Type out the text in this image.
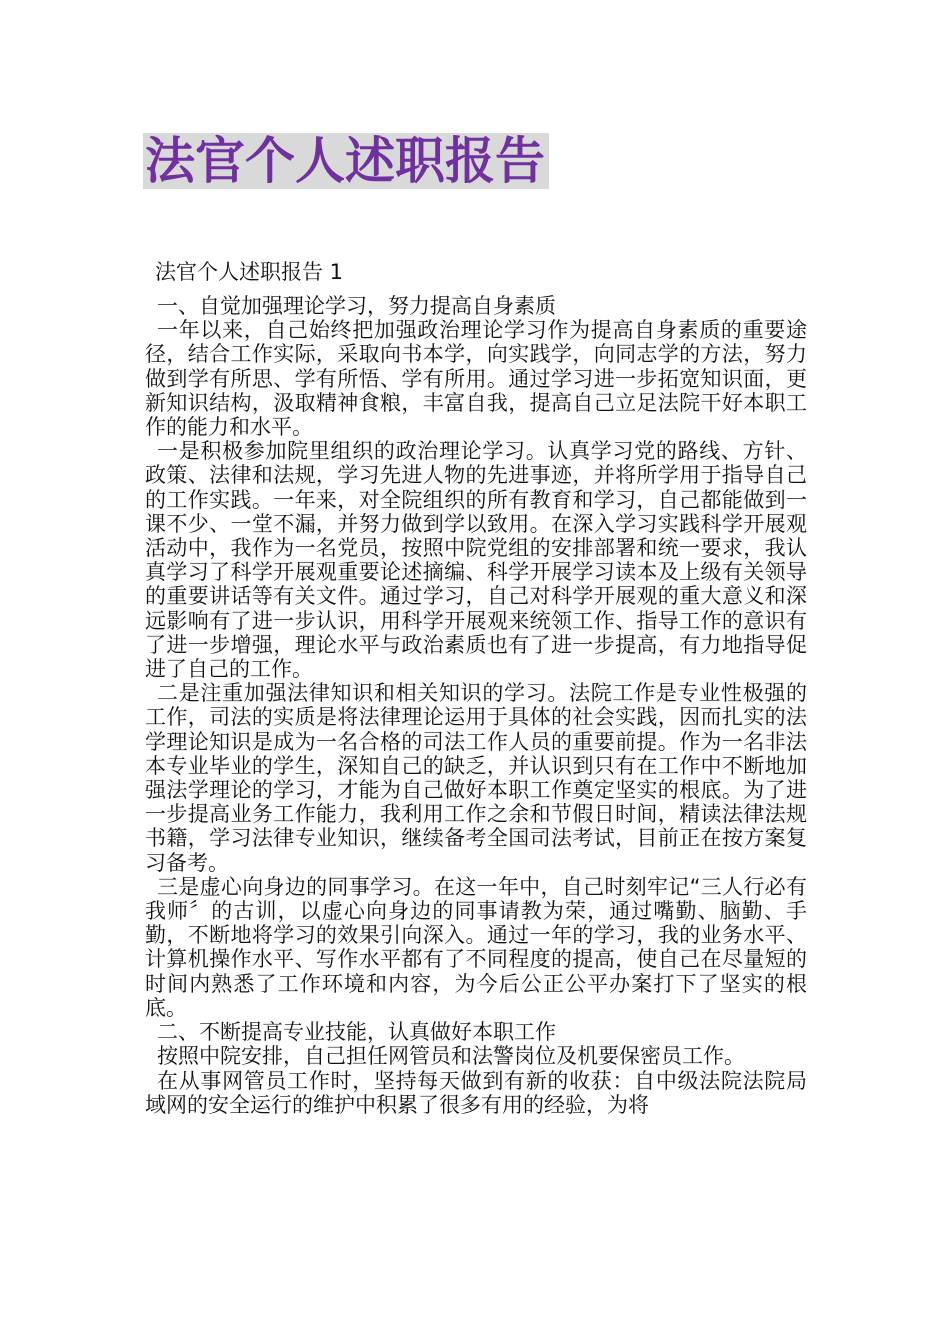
法官个人述职报告
法官个人述职报告 1

一、自觉加强理论学习，努力提高自身素质

一年以来，自己始终把加强政治理论学习作为提高自身素质的重要途径，结合工作实际，采取向书本学，向实践学，向同志学的方法，努力做到学有所思、学有所悟、学有所用。通过学习进一步拓宽知识面，更新知识结构，汲取精神食粮，丰富自我，提高自己立足法院干好本职工作的能力和水平。

一是积极参加院里组织的政治理论学习。认真学习党的路线、方针、政策、法律和法规，学习先进人物的先进事迹，并将所学用于指导自己的工作实践。一年来，对全院组织的所有教育和学习，自己都能做到一课不少、一堂不漏，并努力做到学以致用。在深入学习实践科学开展观活动中，我作为一名党员，按照中院党组的安排部署和统一要求，我认真学习了科学开展观重要论述摘编、科学开展学习读本及上级有关领导的重要讲话等有关文件。通过学习，自己对科学开展观的重大意义和深远影响有了进一步认识，用科学开展观来统领工作、指导工作的意识有了进一步增强，理论水平与政治素质也有了进一步提高，有力地指导促进了自己的工作。

二是注重加强法律知识和相关知识的学习。法院工作是专业性极强的工作，司法的实质是将法律理论运用于具体的社会实践，因而扎实的法学理论知识是成为一名合格的司法工作人员的重要前提。作为一名非法本专业毕业的学生，深知自己的缺乏，并认识到只有在工作中不断地加强法学理论的学习，才能为自己做好本职工作奠定坚实的根底。为了进一步提高业务工作能力，我利用工作之余和节假日时间，精读法律法规书籍，学习法律专业知识，继续备考全国司法考试，目前正在按方案复习备考。

三是虚心向身边的同事学习。在这一年中，自己时刻牢记“三人行必有我师〞的古训，以虚心向身边的同事请教为荣，通过嘴勤、脑勤、手勤，不断地将学习的效果引向深入。通过一年的学习，我的业务水平、计算机操作水平、写作水平都有了不同程度的提高，使自己在尽量短的时间内熟悉了工作环境和内容，为今后公正公平办案打下了坚实的根底。

二、不断提高专业技能，认真做好本职工作

按照中院安排，自己担任网管员和法警岗位及机要保密员工作。

在从事网管员工作时，坚持每天做到有新的收获：自中级法院法院局域网的安全运行的维护中积累了很多有用的经验，为将
